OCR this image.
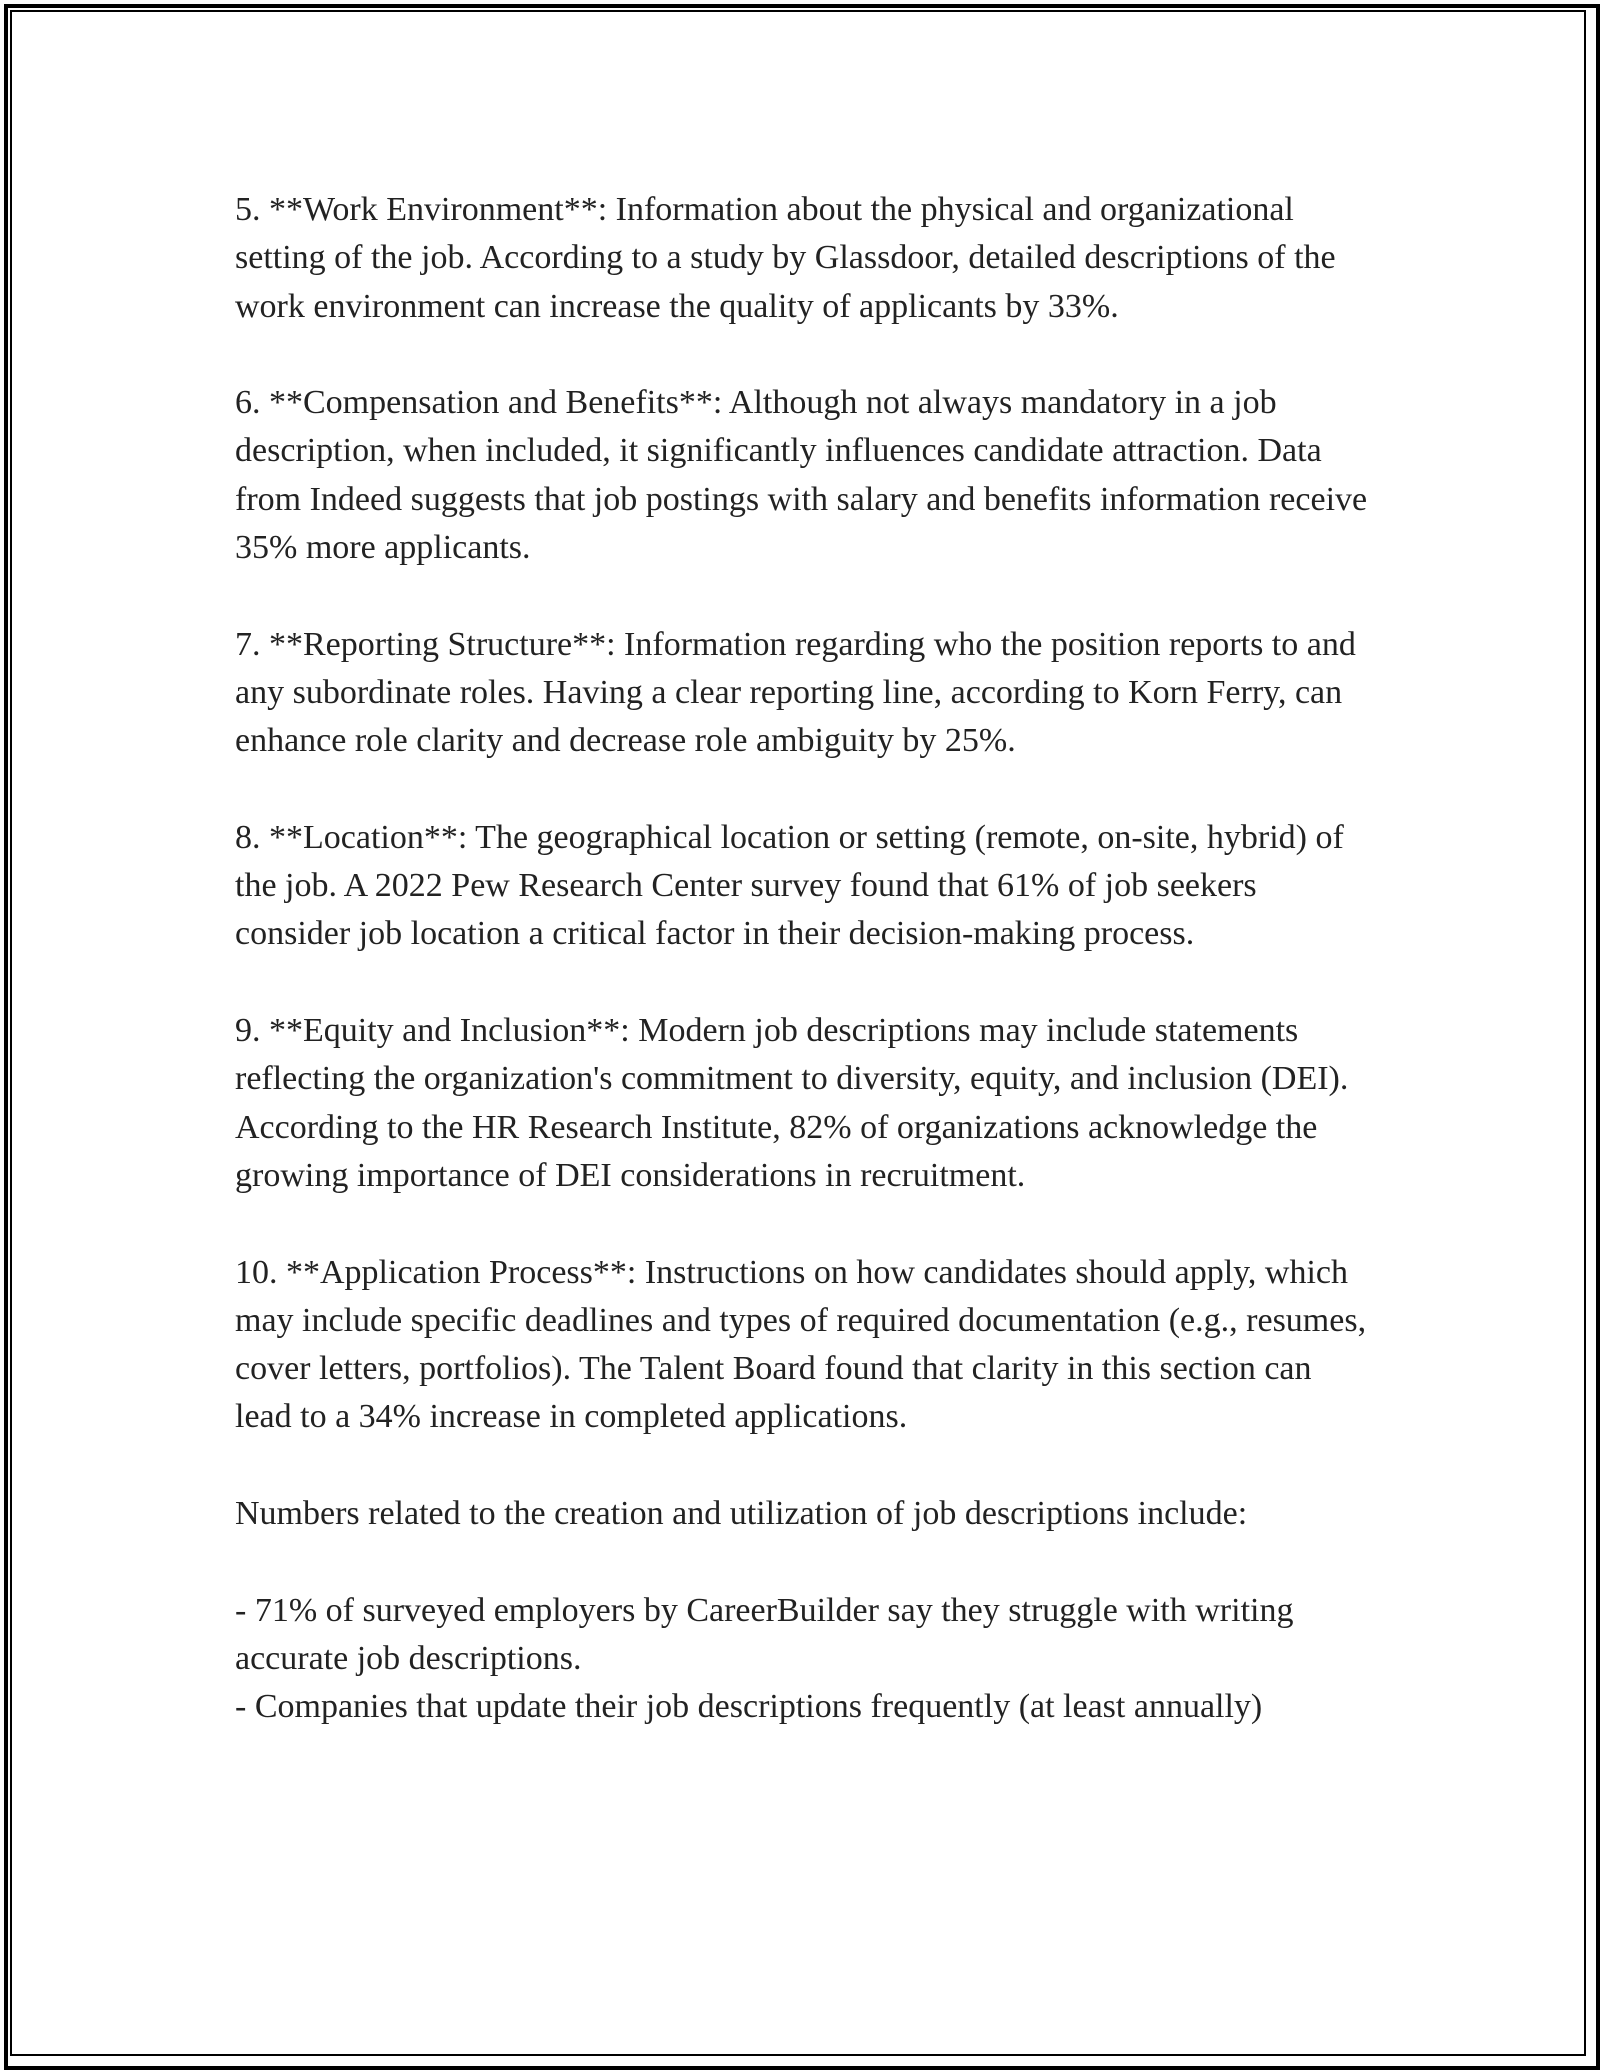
5. **Work Environment**: Information about the physical and organizational setting of the job. According to a study by Glassdoor, detailed descriptions of the work environment can increase the quality of applicants by 33%.

6. **Compensation and Benefits**: Although not always mandatory in a job description, when included, it significantly influences candidate attraction. Data from Indeed suggests that job postings with salary and benefits information receive 35% more applicants.

7. **Reporting Structure**: Information regarding who the position reports to and any subordinate roles. Having a clear reporting line, according to Korn Ferry, can enhance role clarity and decrease role ambiguity by 25%.

8. **Location**: The geographical location or setting (remote, on-site, hybrid) of the job. A 2022 Pew Research Center survey found that 61% of job seekers consider job location a critical factor in their decision-making process.

9. **Equity and Inclusion**: Modern job descriptions may include statements reflecting the organization's commitment to diversity, equity, and inclusion (DEI). According to the HR Research Institute, 82% of organizations acknowledge the growing importance of DEI considerations in recruitment.

10. **Application Process**: Instructions on how candidates should apply, which may include specific deadlines and types of required documentation (e.g., resumes, cover letters, portfolios). The Talent Board found that clarity in this section can lead to a 34% increase in completed applications.

Numbers related to the creation and utilization of job descriptions include:

- 71% of surveyed employers by CareerBuilder say they struggle with writing accurate job descriptions.

- Companies that update their job descriptions frequently (at least annually)
